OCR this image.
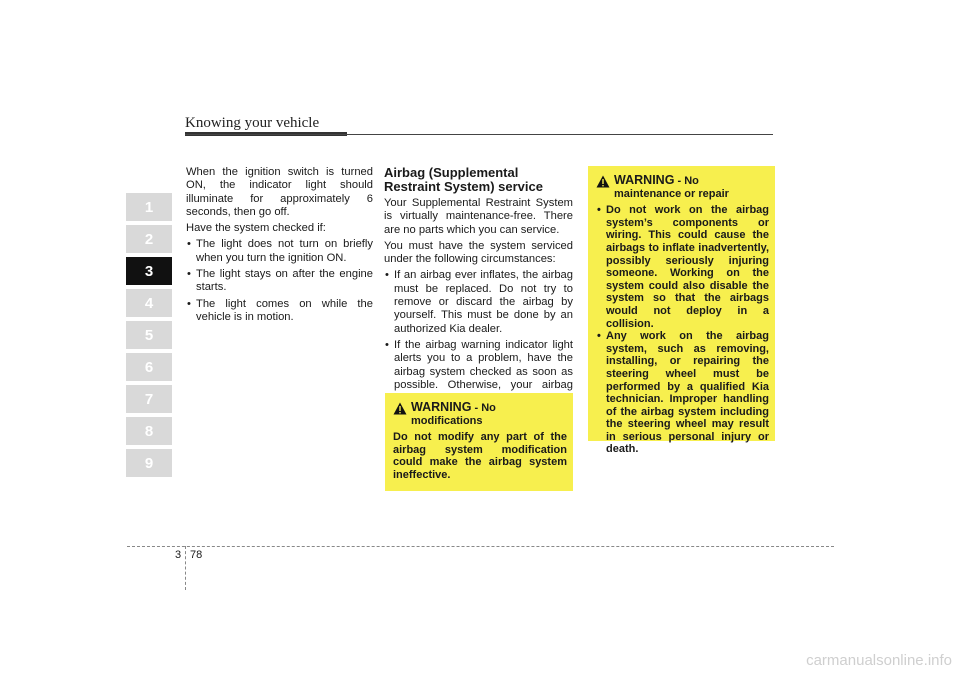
Knowing your vehicle
1
2
3
4
5
6
7
8
9

When the ignition switch is turned ON, the indicator light should illuminate for approximately 6 seconds, then go off.

Have the system checked if:

• The light does not turn on briefly when you turn the ignition ON.
• The light stays on after the engine starts.
• The light comes on while the vehicle is in motion.
Airbag (Supplemental Restraint System) service

Your Supplemental Restraint System is virtually maintenance-free. There are no parts which you can service.

You must have the system serviced under the following circumstances:

• If an airbag ever inflates, the airbag must be replaced. Do not try to remove or discard the airbag by yourself. This must be done by an authorized Kia dealer.
• If the airbag warning indicator light alerts you to a problem, have the airbag system checked as soon as possible. Otherwise, your airbag
WARNING - No modifications

Do not modify any part of the airbag system modification could make the airbag system ineffective.

WARNING - No maintenance or repair
• Do not work on the airbag system’s components or wiring. This could cause the airbags to inflate inadvertently, possibly seriously injuring someone. Working on the system could also disable the system so that the airbags would not deploy in a collision.
• Any work on the airbag system, such as removing, installing, or repairing the steering wheel must be performed by a qualified Kia technician. Improper handling of the airbag system including the steering wheel may result in serious personal injury or death.
3 78
carmanualsonline.info
